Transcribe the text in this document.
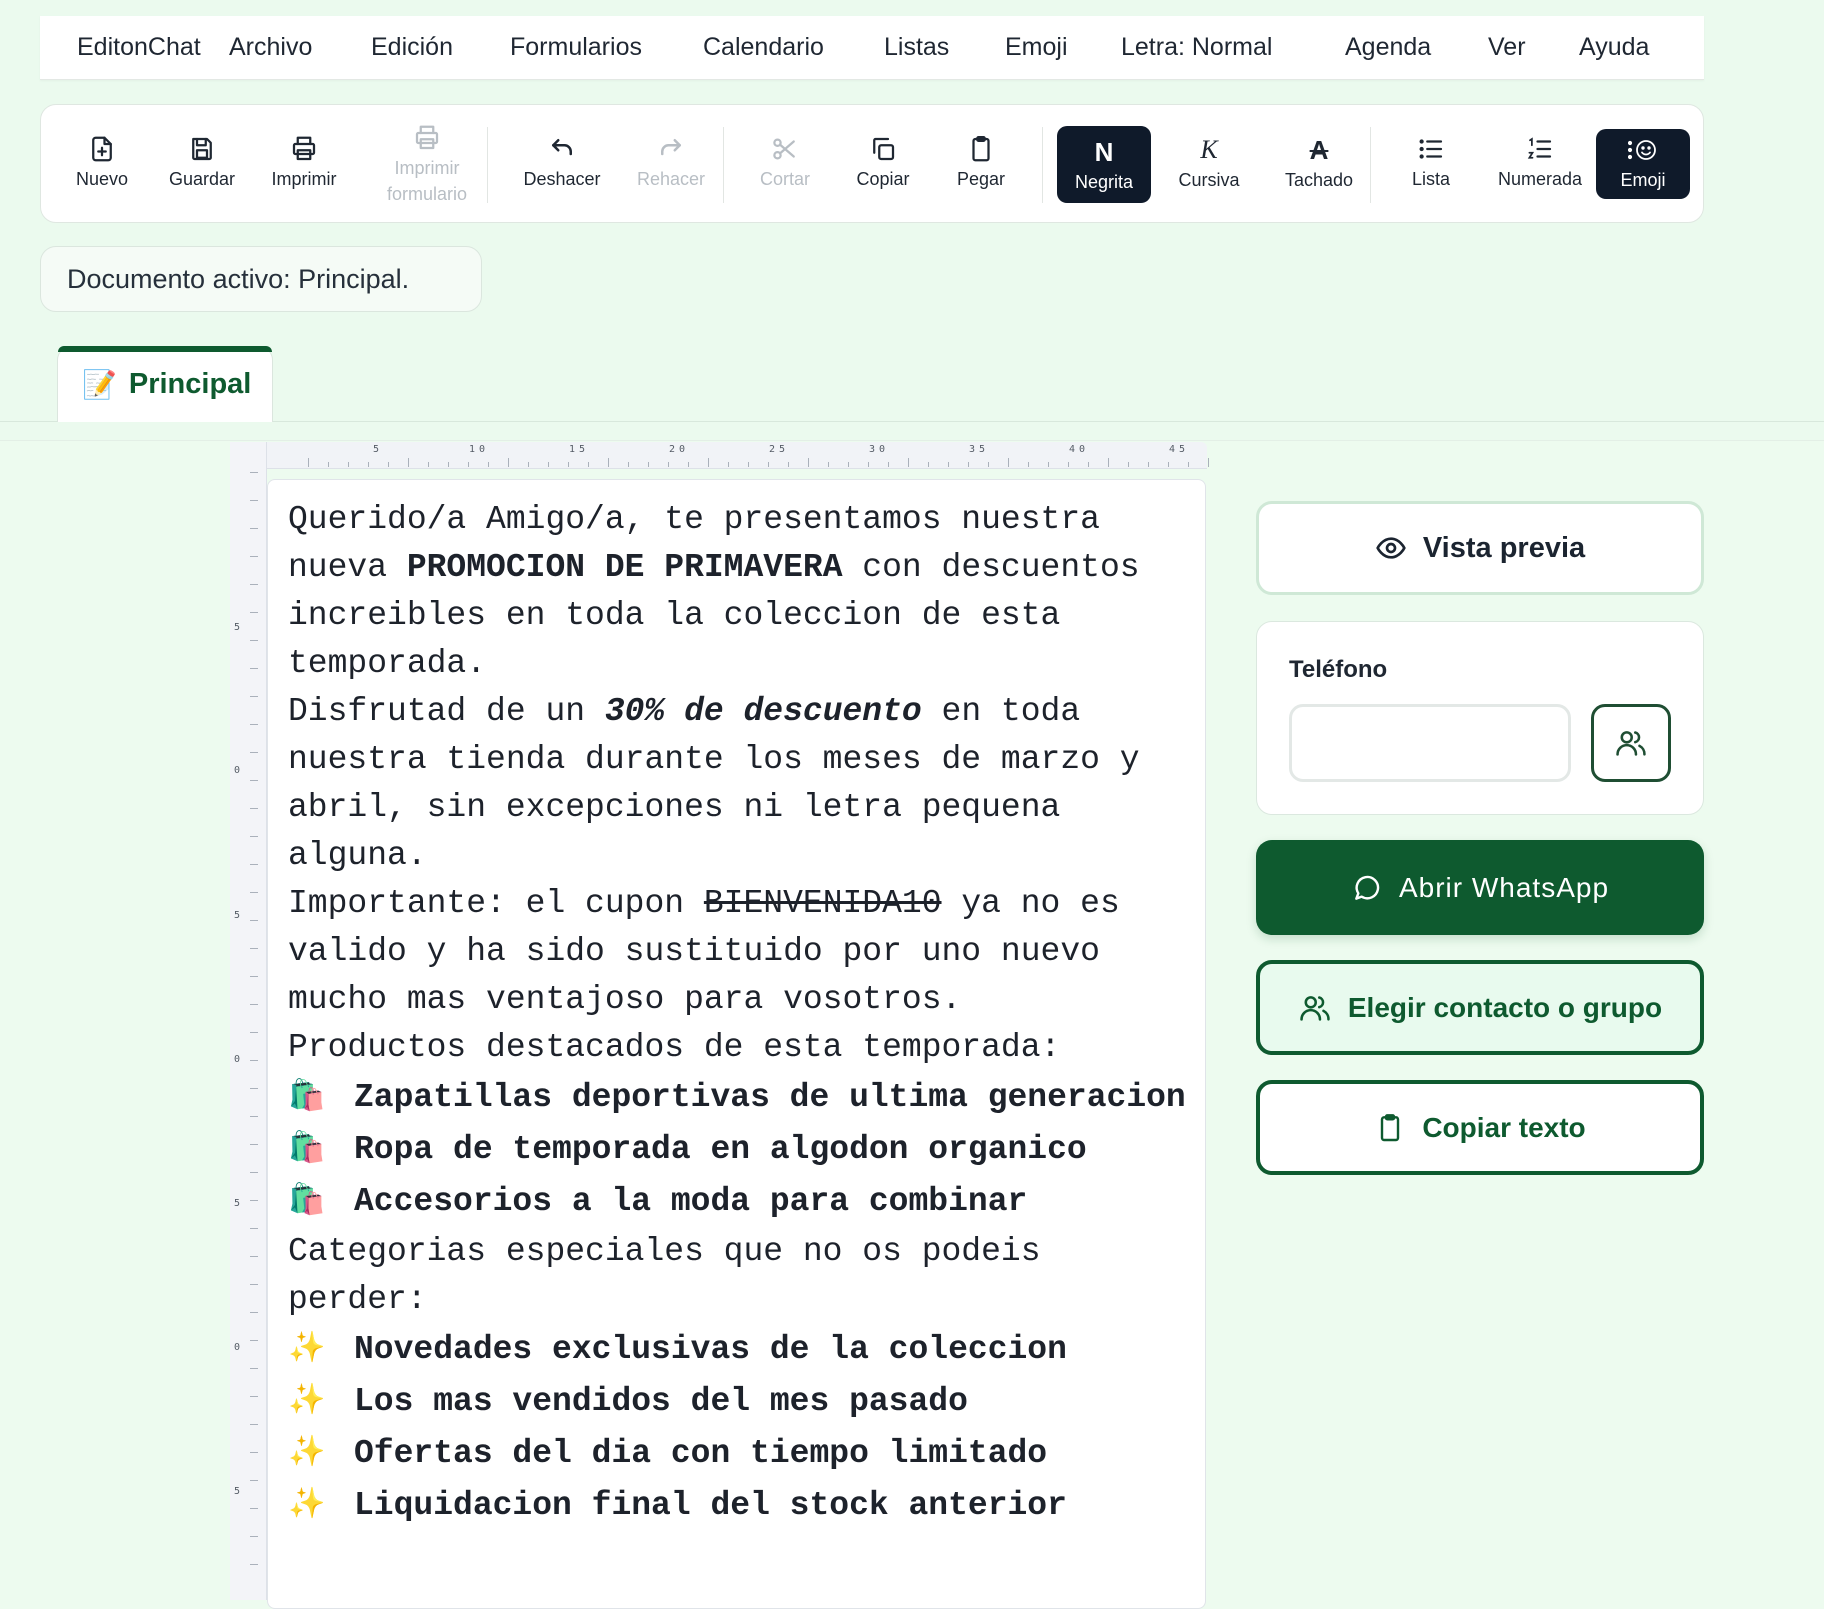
EditonChat Archivo Edición Formularios Calendario Listas Emoji Letra: Normal	Agenda Ver Ayuda
Nuevo Guardar Imprimir
Imprimir
formulario
Deshacer Rehacer	Cortar	Copiar	Pegar
N
Negrita
K
Cursiva
A
Tachado	Lista	Numerada Emoji
Documento activo: Principal.
📝 Principal
5	10	15	20	25	30	35	40	45
5
0
5
0
5
0
5

Querido/a Amigo/a, te presentamos nuestra nueva PROMOCION DE PRIMAVERA con descuentos increibles en toda la coleccion de esta temporada.

Disfrutad de un 30% de descuento en toda nuestra tienda durante los meses de marzo y abril, sin excepciones ni letra pequena alguna.

Importante: el cupon BIENVENIDA10 ya no es valido y ha sido sustituido por uno nuevo mucho mas ventajoso para vosotros.

Productos destacados de esta temporada:

🛍️ Zapatillas deportivas de ultima generacion
🛍️ Ropa de temporada en algodon organico
🛍️ Accesorios a la moda para combinar

Categorias especiales que no os podeis perder:

✨ Novedades exclusivas de la coleccion
✨ Los mas vendidos del mes pasado
✨ Ofertas del dia con tiempo limitado
✨ Liquidacion final del stock anterior
Vista previa
Teléfono
Abrir WhatsApp
Elegir contacto o grupo
Copiar texto
